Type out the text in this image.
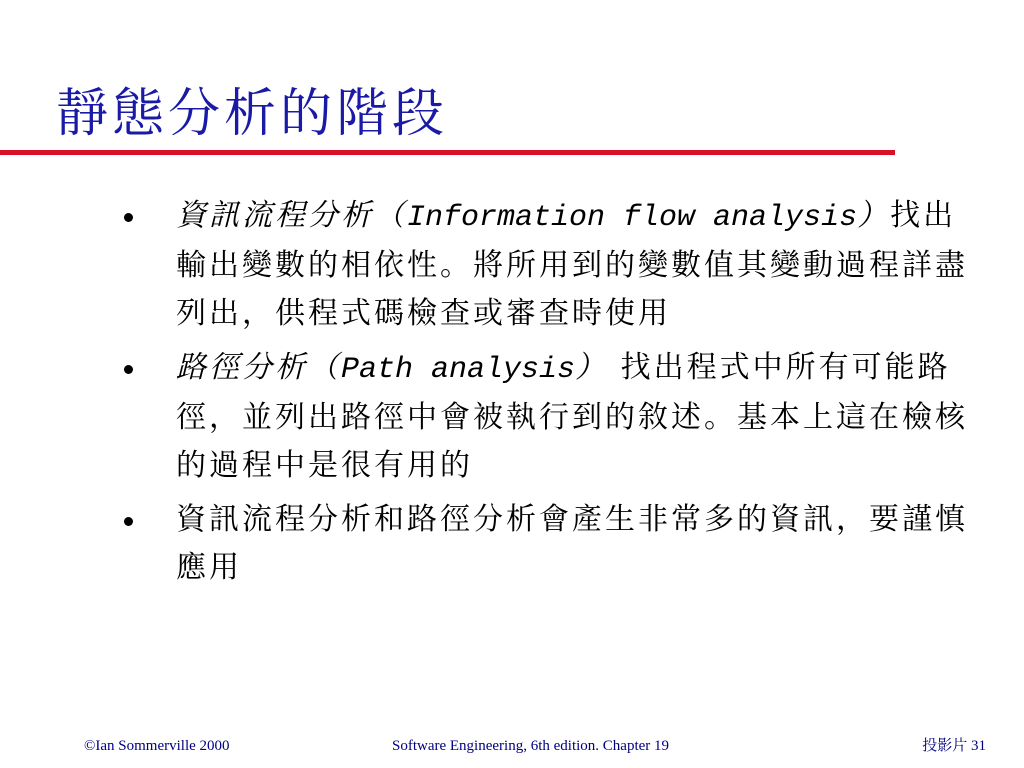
靜態分析的階段
資訊流程分析（Information flow analysis）找出輸出變數的相依性。將所用到的變數值其變動過程詳盡列出，供程式碼檢查或審查時使用
路徑分析（Path analysis） 找出程式中所有可能路徑，並列出路徑中會被執行到的敘述。基本上這在檢核的過程中是很有用的
資訊流程分析和路徑分析會產生非常多的資訊，要謹慎應用
©Ian Sommerville 2000	Software Engineering, 6th edition. Chapter 19	投影片 31
